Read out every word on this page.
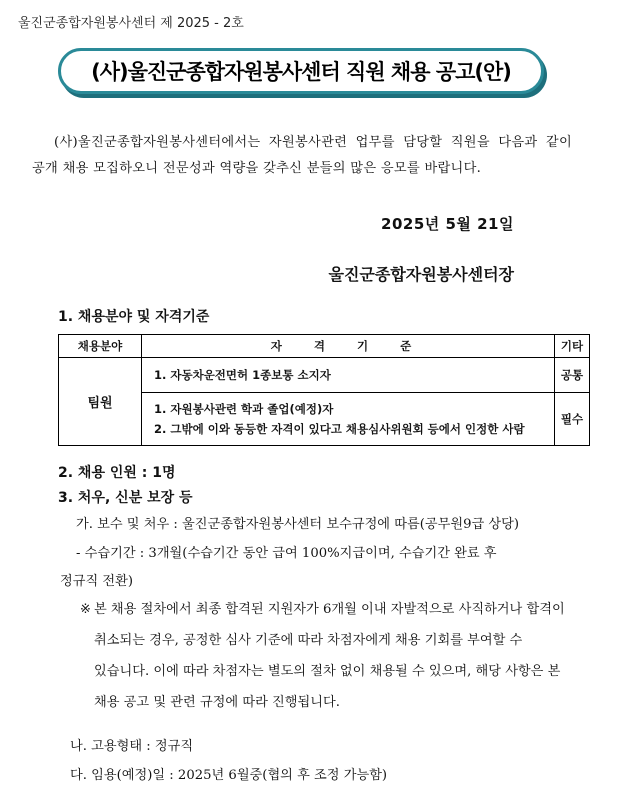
울진군종합자원봉사센터 제 2025 - 2호
(사)울진군종합자원봉사센터 직원 채용 공고(안)
(사)울진군종합자원봉사센터에서는 자원봉사관련 업무를 담당할 직원을 다음과 같이 공개 채용 모집하오니 전문성과 역량을 갖추신 분들의 많은 응모를 바랍니다.
2025년 5월 21일
울진군종합자원봉사센터장
1. 채용분야 및 자격기준
채용분야	자 격 기 준	기타
팀원	1. 자동차운전면허 1종보통 소지자	공통

	1. 자원봉사관련 학과 졸업(예정)자
2. 그밖에 이와 동등한 자격이 있다고 채용심사위원회 등에서 인정한 사람	필수
2. 채용 인원 : 1명
3. 처우, 신분 보장 등
가. 보수 및 처우 : 울진군종합자원봉사센터 보수규정에 따름(공무원9급 상당)
- 수습기간 : 3개월(수습기간 동안 급여 100%지급이며, 수습기간 완료 후
정규직 전환)
※ 본 채용 절차에서 최종 합격된 지원자가 6개월 이내 자발적으로 사직하거나 합격이 취소되는 경우, 공정한 심사 기준에 따라 차점자에게 채용 기회를 부여할 수 있습니다. 이에 따라 차점자는 별도의 절차 없이 채용될 수 있으며, 해당 사항은 본 채용 공고 및 관련 규정에 따라 진행됩니다.
나. 고용형태 : 정규직
다. 임용(예정)일 : 2025년 6월중(협의 후 조정 가능함)
